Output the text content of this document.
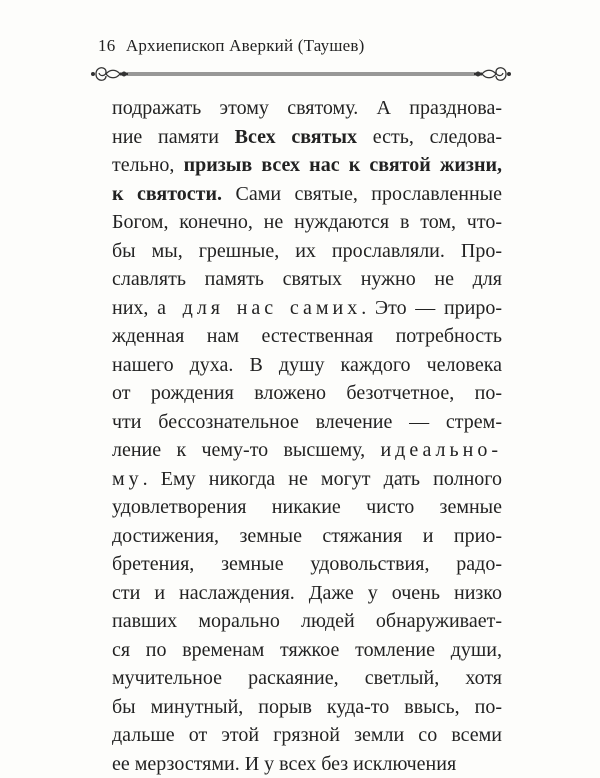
16 Архиепископ Аверкий (Таушев)
подражать этому святому. А празднова-
ние памяти Всех святых есть, следова-
тельно, призыв всех нас к святой жизни,
к святости. Сами святые, прославленные
Богом, конечно, не нуждаются в том, что-
бы мы, грешные, их прославляли. Про-
славлять память святых нужно не для
них, а для нас самих. Это — приро-
жденная нам естественная потребность
нашего духа. В душу каждого человека
от рождения вложено безотчетное, по-
чти бессознательное влечение — стрем-
ление к чему-то высшему, идеально-
му. Ему никогда не могут дать полного
удовлетворения никакие чисто земные
достижения, земные стяжания и прио-
бретения, земные удовольствия, радо-
сти и наслаждения. Даже у очень низко
павших морально людей обнаруживает-
ся по временам тяжкое томление души,
мучительное раскаяние, светлый, хотя
бы минутный, порыв куда-то ввысь, по-
дальше от этой грязной земли со всеми
ее мерзостями. И у всех без исключения
